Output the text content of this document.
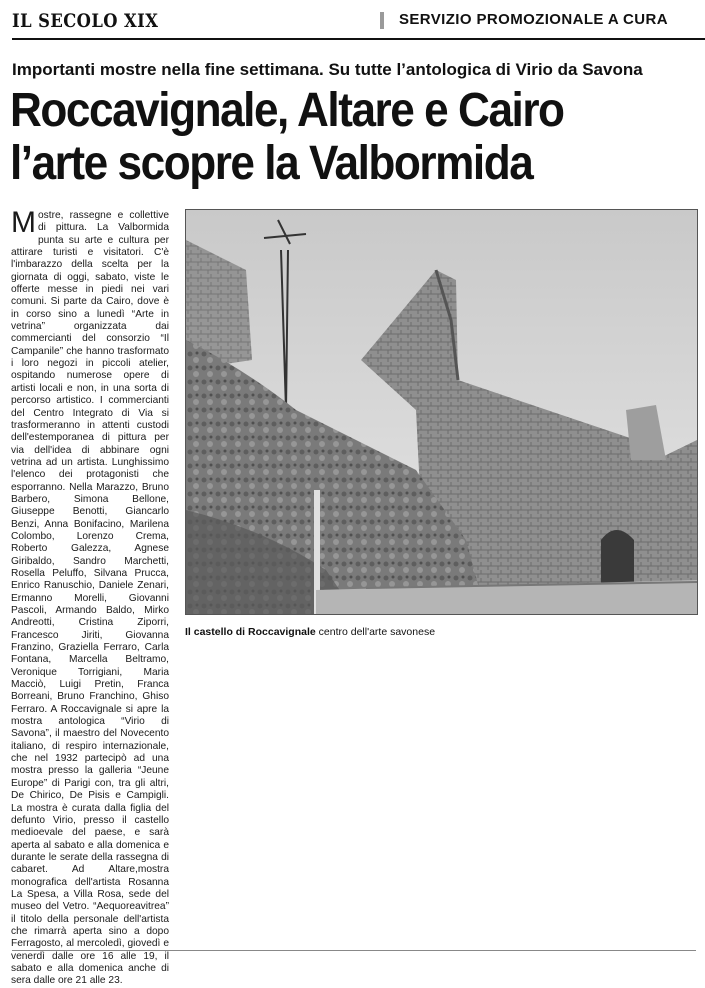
IL SECOLO XIX	SERVIZIO PROMOZIONALE A CURA
Importanti mostre nella fine settimana. Su tutte l’antologica di Virio da Savona
Roccavignale, Altare e Cairo
l’arte scopre la Valbormida
Mostre, rassegne e collettive di pittura. La Valbormida punta su arte e cultura per attirare turisti e visitatori. C'è l'imbarazzo della scelta per la giornata di oggi, sabato, viste le offerte messe in piedi nei vari comuni. Si parte da Cairo, dove è in corso sino a lunedì “Arte in vetrina” organizzata dai commercianti del consorzio “Il Campanile” che hanno trasformato i loro negozi in piccoli atelier, ospitando numerose opere di artisti locali e non, in una sorta di percorso artistico. I commercianti del Centro Integrato di Via si trasformeranno in attenti custodi dell'estemporanea di pittura per via dell'idea di abbinare ogni vetrina ad un artista. Lunghissimo l'elenco dei protagonisti che esporranno. Nella Marazzo, Bruno Barbero, Simona Bellone, Giuseppe Benotti, Giancarlo Benzi, Anna Bonifacino, Marilena Colombo, Lorenzo Crema, Roberto Galezza, Agnese Giribaldo, Sandro Marchetti, Rosella Peluffo, Silvana Prucca, Enrico Ranuschio, Daniele Zenari, Ermanno Morelli, Giovanni Pascoli, Armando Baldo, Mirko Andreotti, Cristina Ziporri, Francesco Jiriti, Giovanna Franzino, Graziella Ferraro, Carla Fontana, Marcella Beltramo, Veronique Torrigiani, Maria Macciò, Luigi Pretin, Franca Borreani, Bruno Franchino, Ghiso Ferraro. A Roccavignale si apre la mostra antologica “Virio di Savona”, il maestro del Novecento italiano, di respiro internazionale, che nel 1932 partecipò ad una mostra presso la galleria “Jeune Europe” di Parigi con, tra gli altri, De Chirico, De Pisis e Campigli. La mostra è curata dalla figlia del defunto Virio, presso il castello medioevale del paese, e sarà aperta al sabato e alla domenica e durante le serate della rassegna di cabaret. Ad Altare,mostra monografica dell'artista Rosanna La Spesa, a Villa Rosa, sede del museo del Vetro. “Aequoreavitrea” il titolo della personale dell'artista che rimarrà aperta sino a dopo Ferragosto, al mercoledì, giovedì e venerdì dalle ore 16 alle 19, il sabato e alla domenica anche di sera dalle ore 21 alle 23.
Il castello di Roccavignale centro dell'arte savonese
